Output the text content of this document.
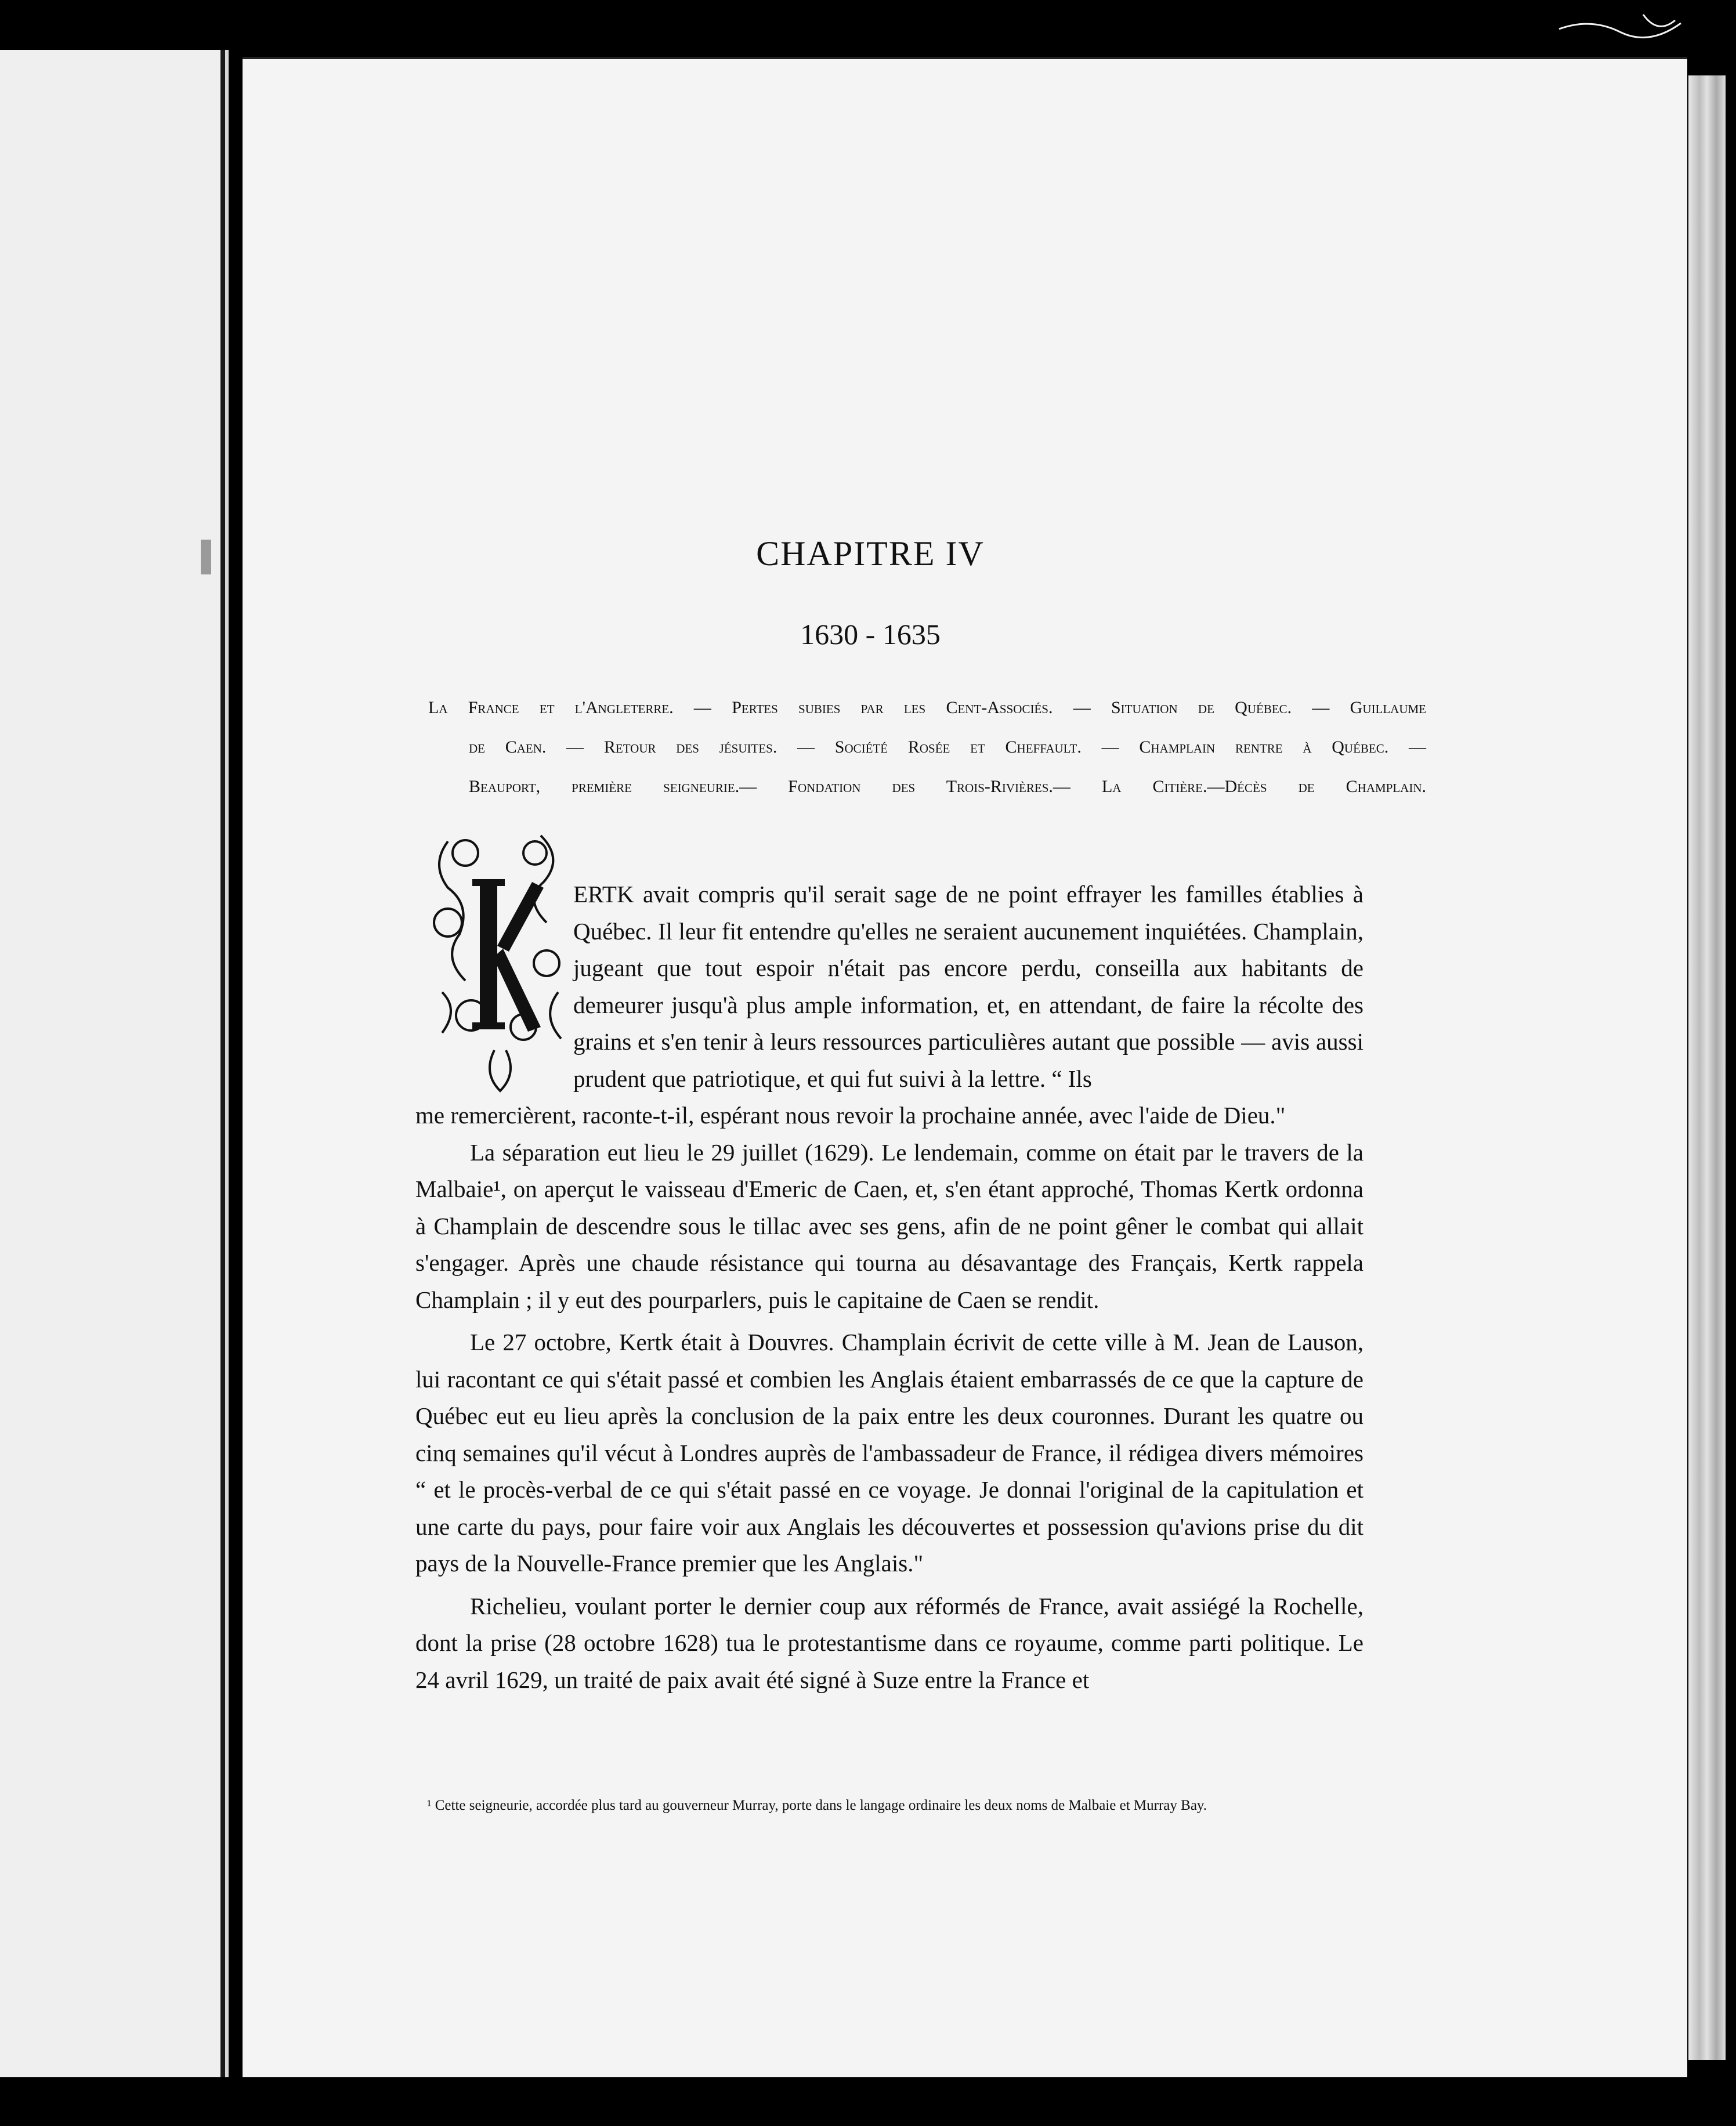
CHAPITRE IV
1630 - 1635

La France et l'Angleterre. — Pertes subies par les Cent-Associés. — Situation de Québec. — Guillaume

de Caen. — Retour des jésuites. — Société Rosée et Cheffault. — Champlain rentre à Québec. —

Beauport, première seigneurie.— Fondation des Trois-Rivières.— La Citière.—Décès de Champlain.

ERTK avait compris qu'il serait sage de ne point effrayer les familles établies à Québec. Il leur fit entendre qu'elles ne seraient aucunement inquiétées. Champlain, jugeant que tout espoir n'était pas encore perdu, conseilla aux habitants de demeurer jusqu'à plus ample information, et, en attendant, de faire la récolte des grains et s'en tenir à leurs ressources particulières autant que possible — avis aussi prudent que patriotique, et qui fut suivi à la lettre. “ Ils

me remercièrent, raconte-t-il, espérant nous revoir la prochaine année, avec l'aide de Dieu."

La séparation eut lieu le 29 juillet (1629). Le lendemain, comme on était par le travers de la Malbaie¹, on aperçut le vaisseau d'Emeric de Caen, et, s'en étant approché, Thomas Kertk ordonna à Champlain de descendre sous le tillac avec ses gens, afin de ne point gêner le combat qui allait s'engager. Après une chaude résistance qui tourna au désavantage des Français, Kertk rappela Champlain ; il y eut des pourparlers, puis le capitaine de Caen se rendit.

Le 27 octobre, Kertk était à Douvres. Champlain écrivit de cette ville à M. Jean de Lauson, lui racontant ce qui s'était passé et combien les Anglais étaient embarrassés de ce que la capture de Québec eut eu lieu après la conclusion de la paix entre les deux couronnes. Durant les quatre ou cinq semaines qu'il vécut à Londres auprès de l'ambassadeur de France, il rédigea divers mémoires “ et le procès-verbal de ce qui s'était passé en ce voyage. Je donnai l'original de la capitulation et une carte du pays, pour faire voir aux Anglais les découvertes et possession qu'avions prise du dit pays de la Nouvelle-France premier que les Anglais."

Richelieu, voulant porter le dernier coup aux réformés de France, avait assiégé la Rochelle, dont la prise (28 octobre 1628) tua le protestantisme dans ce royaume, comme parti politique. Le 24 avril 1629, un traité de paix avait été signé à Suze entre la France et

¹ Cette seigneurie, accordée plus tard au gouverneur Murray, porte dans le langage ordinaire les deux noms de Malbaie et Murray Bay.
